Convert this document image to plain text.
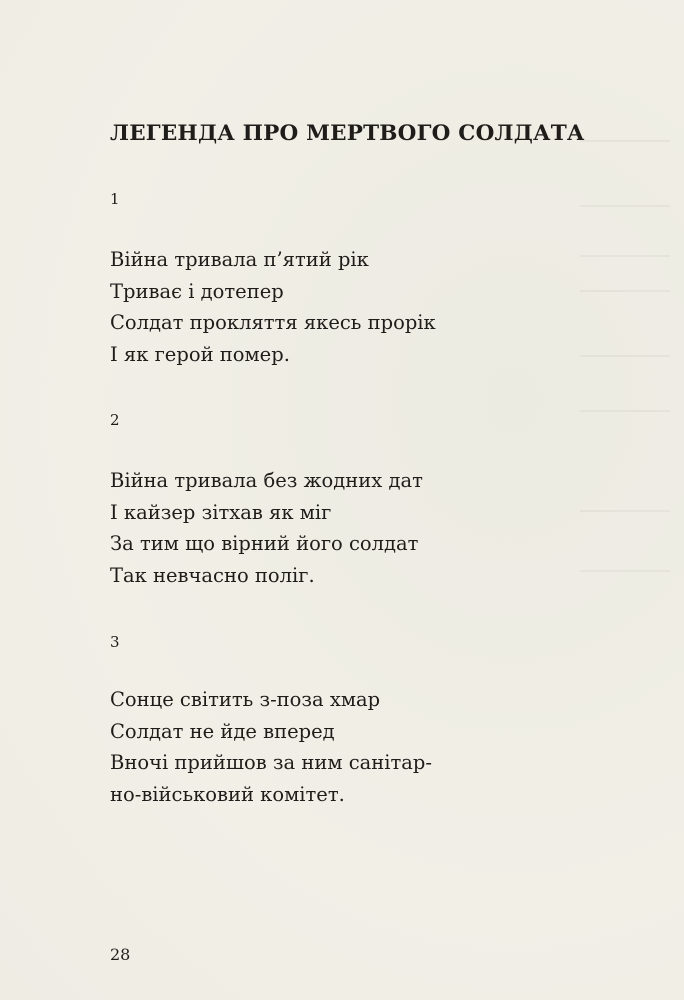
ЛЕГЕНДА ПРО МЕРТВОГО СОЛДАТА
1
Війна тривала п’ятий рік
Триває і дотепер
Солдат прокляття якесь прорік
І як герой помер.
2
Війна тривала без жодних дат
І кайзер зітхав як міг
За тим що вірний його солдат
Так невчасно поліг.
3
Сонце світить з-поза хмар
Солдат не йде вперед
Вночі прийшов за ним санітар-
но-військовий комітет.
28
